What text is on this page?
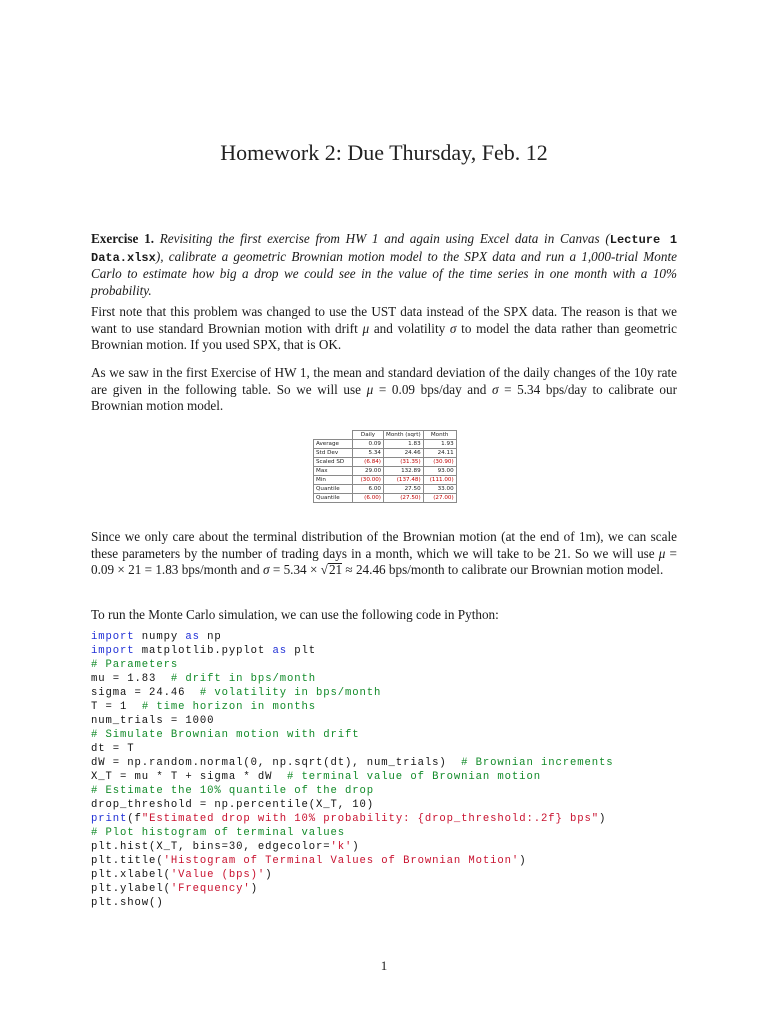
Homework 2: Due Thursday, Feb. 12
Exercise 1. Revisiting the first exercise from HW 1 and again using Excel data in Canvas (Lecture 1 Data.xlsx), calibrate a geometric Brownian motion model to the SPX data and run a 1,000-trial Monte Carlo to estimate how big a drop we could see in the value of the time series in one month with a 10% probability.
First note that this problem was changed to use the UST data instead of the SPX data. The reason is that we want to use standard Brownian motion with drift μ and volatility σ to model the data rather than geometric Brownian motion. If you used SPX, that is OK.
As we saw in the first Exercise of HW 1, the mean and standard deviation of the daily changes of the 10y rate are given in the following table. So we will use μ = 0.09 bps/day and σ = 5.34 bps/day to calibrate our Brownian motion model.
	Daily	Month (sqrt)	Month
Average	0.09	1.83	1.93
Std Dev	5.34	24.46	24.11
Scaled SD	(6.84)	(31.35)	(30.90)
Max	29.00	132.89	93.00
Min	(30.00)	(137.48)	(111.00)
Quantile	6.00	27.50	33.00
Quantile	(6.00)	(27.50)	(27.00)
Since we only care about the terminal distribution of the Brownian motion (at the end of 1m), we can scale these parameters by the number of trading days in a month, which we will take to be 21. So we will use μ = 0.09 × 21 = 1.83 bps/month and σ = 5.34 × √21 ≈ 24.46 bps/month to calibrate our Brownian motion model.
To run the Monte Carlo simulation, we can use the following code in Python:
import numpy as np
import matplotlib.pyplot as plt
# Parameters
mu = 1.83  # drift in bps/month
sigma = 24.46  # volatility in bps/month
T = 1  # time horizon in months
num_trials = 1000
# Simulate Brownian motion with drift
dt = T
dW = np.random.normal(0, np.sqrt(dt), num_trials)  # Brownian increments
X_T = mu * T + sigma * dW  # terminal value of Brownian motion
# Estimate the 10% quantile of the drop
drop_threshold = np.percentile(X_T, 10)
print(f"Estimated drop with 10% probability: {drop_threshold:.2f} bps")
# Plot histogram of terminal values
plt.hist(X_T, bins=30, edgecolor='k')
plt.title('Histogram of Terminal Values of Brownian Motion')
plt.xlabel('Value (bps)')
plt.ylabel('Frequency')
plt.show()
1
